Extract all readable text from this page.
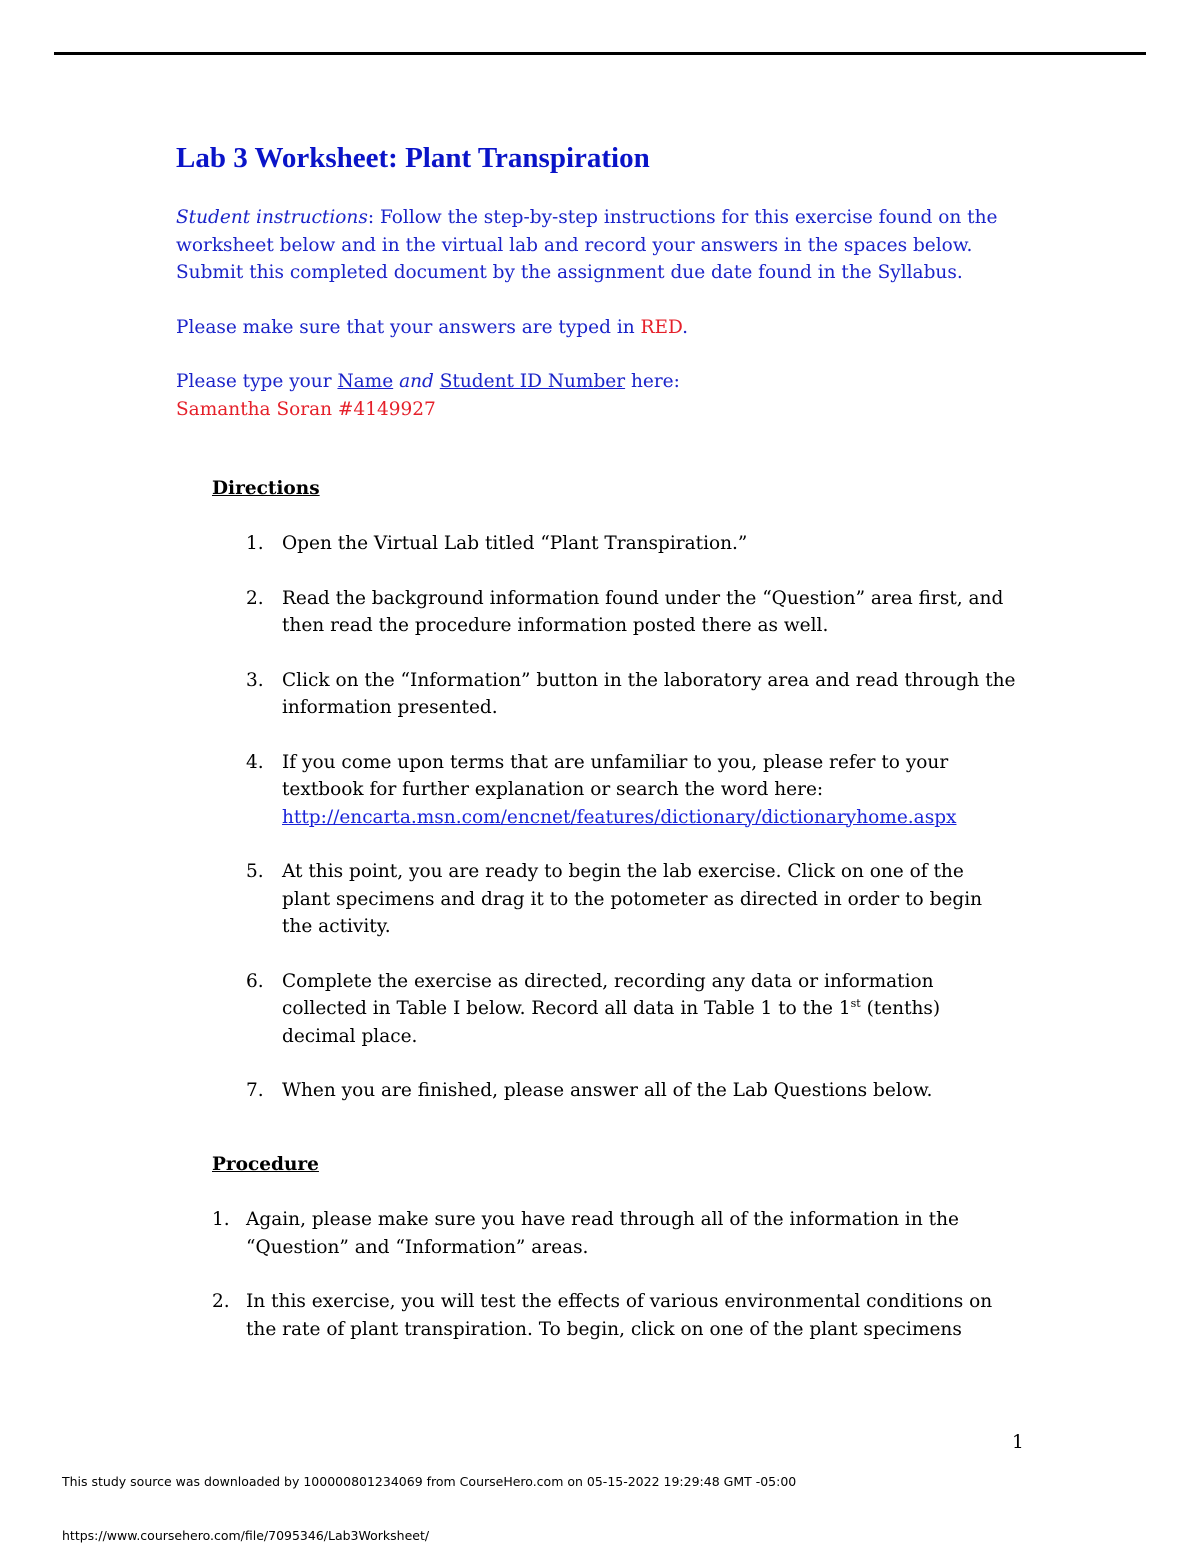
Lab 3 Worksheet: Plant Transpiration

Student instructions: Follow the step-by-step instructions for this exercise found on the worksheet below and in the virtual lab and record your answers in the spaces below. Submit this completed document by the assignment due date found in the Syllabus.

Please make sure that your answers are typed in RED.

Please type your Name and Student ID Number here:

Samantha Soran #4149927

Directions
1. Open the Virtual Lab titled “Plant Transpiration.”
2. Read the background information found under the “Question” area first, and then read the procedure information posted there as well.
3. Click on the “Information” button in the laboratory area and read through the information presented.
4. If you come upon terms that are unfamiliar to you, please refer to your textbook for further explanation or search the word here:
http://encarta.msn.com/encnet/features/dictionary/dictionaryhome.aspx
5. At this point, you are ready to begin the lab exercise. Click on one of the plant specimens and drag it to the potometer as directed in order to begin the activity.
6. Complete the exercise as directed, recording any data or information collected in Table I below. Record all data in Table 1 to the 1st (tenths) decimal place.
7. When you are finished, please answer all of the Lab Questions below.
Procedure
1. Again, please make sure you have read through all of the information in the “Question” and “Information” areas.
2. In this exercise, you will test the effects of various environmental conditions on the rate of plant transpiration. To begin, click on one of the plant specimens
1
This study source was downloaded by 100000801234069 from CourseHero.com on 05-15-2022 19:29:48 GMT -05:00
https://www.coursehero.com/file/7095346/Lab3Worksheet/
